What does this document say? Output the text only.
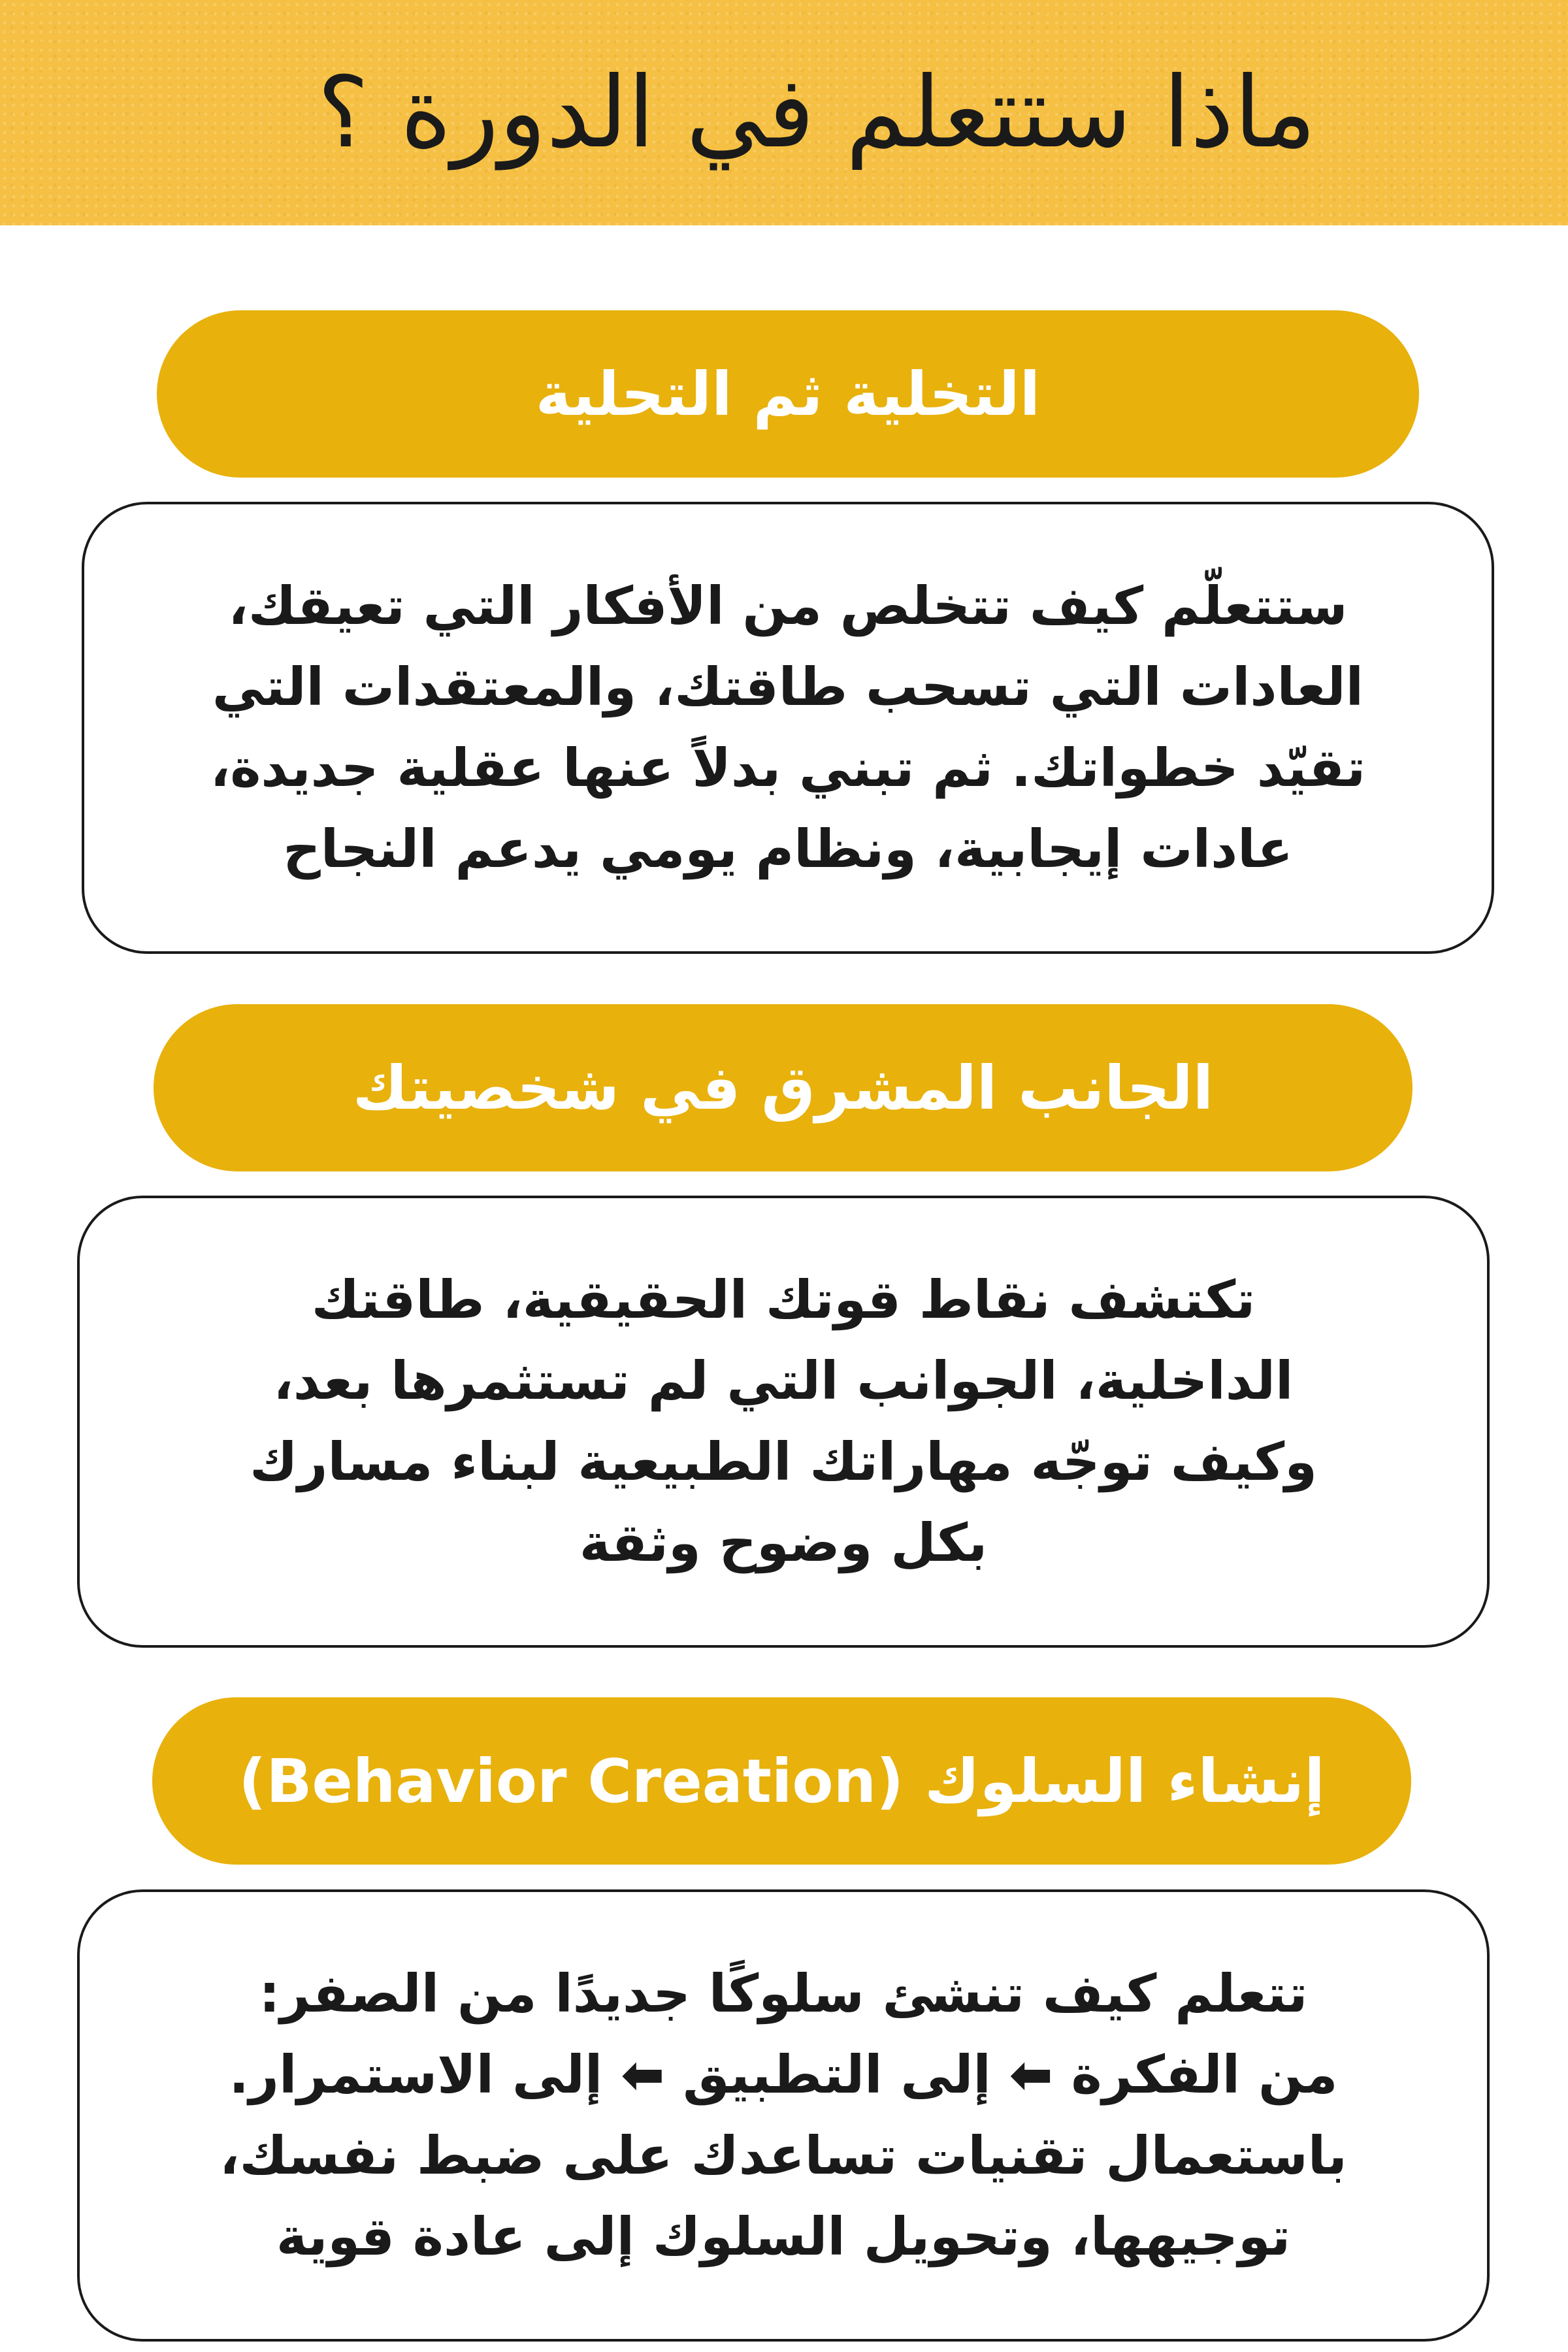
ماذا ستتعلم في الدورة ؟
التخلية ثم التحلية

ستتعلّم كيف تتخلص من الأفكار التي تعيقك،
العادات التي تسحب طاقتك، والمعتقدات التي
تقيّد خطواتك. ثم تبني بدلاً عنها عقلية جديدة،
عادات إيجابية، ونظام يومي يدعم النجاح

الجانب المشرق في شخصيتك

تكتشف نقاط قوتك الحقيقية، طاقتك
الداخلية، الجوانب التي لم تستثمرها بعد،
وكيف توجّه مهاراتك الطبيعية لبناء مسارك
بكل وضوح وثقة

إنشاء السلوك (Behavior Creation)

تتعلم كيف تنشئ سلوكًا جديدًا من الصفر:
من الفكرة ⬅ إلى التطبيق ⬅ إلى الاستمرار.
باستعمال تقنيات تساعدك على ضبط نفسك،
توجيهها، وتحويل السلوك إلى عادة قوية
